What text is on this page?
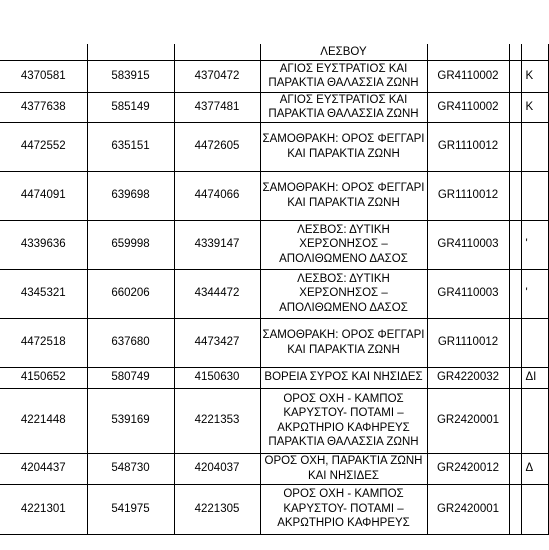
			ΛΕΣΒΟΥ			
4370581	583915	4370472	ΑΓΙΟΣ ΕΥΣΤΡΑΤΙΟΣ ΚΑΙ ΠΑΡΑΚΤΙΑ ΘΑΛΑΣΣΙΑ ΖΩΝΗ	GR4110002		Κ
4377638	585149	4377481	ΑΓΙΟΣ ΕΥΣΤΡΑΤΙΟΣ ΚΑΙ ΠΑΡΑΚΤΙΑ ΘΑΛΑΣΣΙΑ ΖΩΝΗ	GR4110002		Κ
4472552	635151	4472605	ΣΑΜΟΘΡΑΚΗ: ΟΡΟΣ ΦΕΓΓΑΡΙ ΚΑΙ ΠΑΡΑΚΤΙΑ ΖΩΝΗ	GR1110012		
4474091	639698	4474066	ΣΑΜΟΘΡΑΚΗ: ΟΡΟΣ ΦΕΓΓΑΡΙ ΚΑΙ ΠΑΡΑΚΤΙΑ ΖΩΝΗ	GR1110012		
4339636	659998	4339147	ΛΕΣΒΟΣ: ΔΥΤΙΚΗ ΧΕΡΣΟΝΗΣΟΣ – ΑΠΟΛΙΘΩΜΕΝΟ ΔΑΣΟΣ	GR4110003		'
4345321	660206	4344472	ΛΕΣΒΟΣ: ΔΥΤΙΚΗ ΧΕΡΣΟΝΗΣΟΣ – ΑΠΟΛΙΘΩΜΕΝΟ ΔΑΣΟΣ	GR4110003		'
4472518	637680	4473427	ΣΑΜΟΘΡΑΚΗ: ΟΡΟΣ ΦΕΓΓΑΡΙ ΚΑΙ ΠΑΡΑΚΤΙΑ ΖΩΝΗ	GR1110012		
4150652	580749	4150630	ΒΟΡΕΙΑ ΣΥΡΟΣ ΚΑΙ ΝΗΣΙΔΕΣ	GR4220032		ΔΙ
4221448	539169	4221353	ΟΡΟΣ ΟΧΗ - ΚΑΜΠΟΣ ΚΑΡΥΣΤΟΥ- ΠΟΤΑΜΙ – ΑΚΡΩΤΗΡΙΟ ΚΑΦΗΡΕΥΣ ΠΑΡΑΚΤΙΑ ΘΑΛΑΣΣΙΑ ΖΩΝΗ	GR2420001		
4204437	548730	4204037	ΟΡΟΣ ΟΧΗ, ΠΑΡΑΚΤΙΑ ΖΩΝΗ ΚΑΙ ΝΗΣΙΔΕΣ	GR2420012		Δ
4221301	541975	4221305	ΟΡΟΣ ΟΧΗ - ΚΑΜΠΟΣ ΚΑΡΥΣΤΟΥ- ΠΟΤΑΜΙ – ΑΚΡΩΤΗΡΙΟ ΚΑΦΗΡΕΥΣ	GR2420001		
